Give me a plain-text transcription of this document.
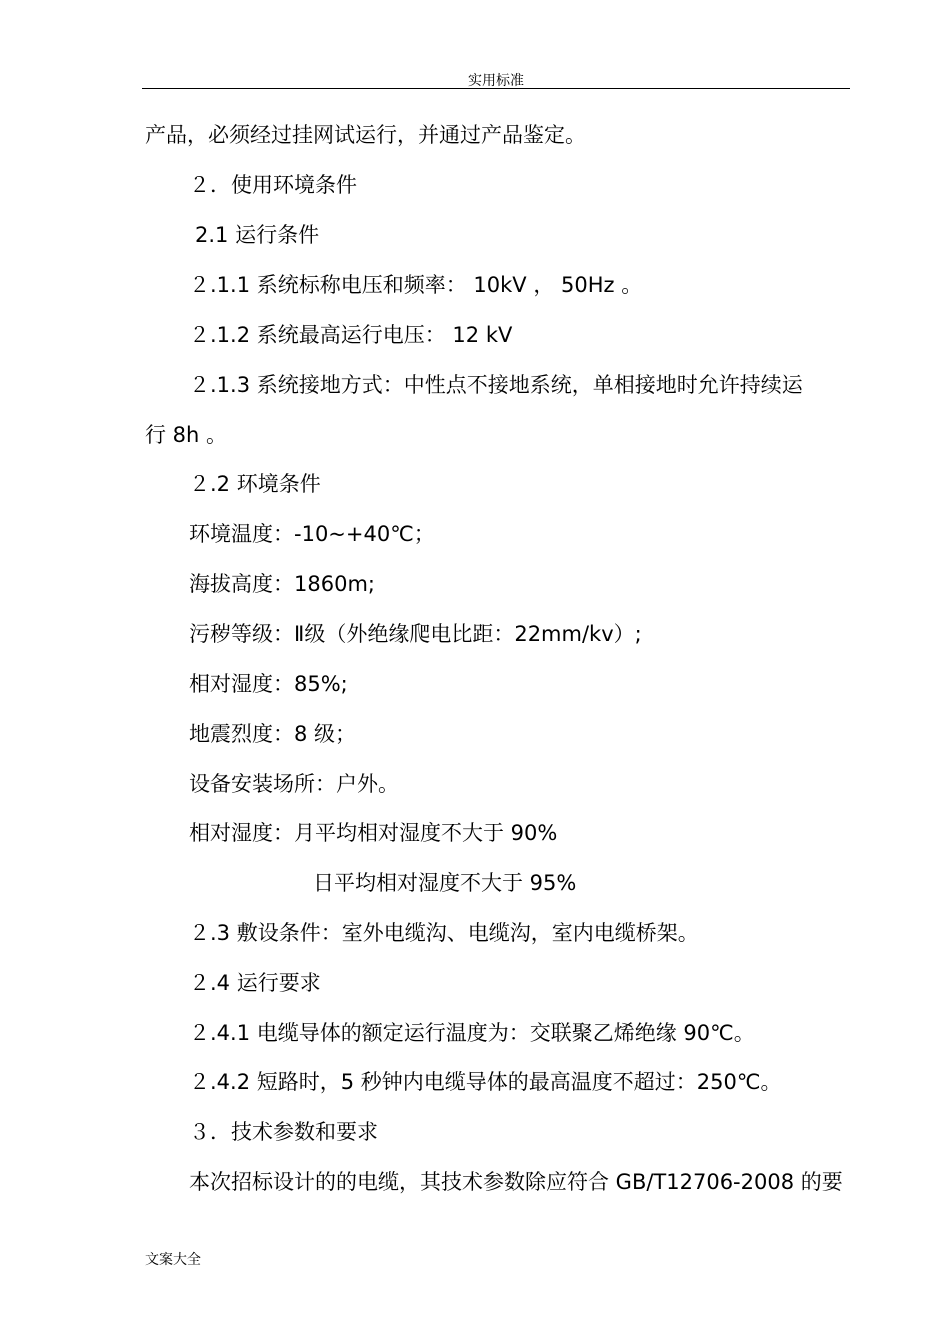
实用标准
产品，必须经过挂网试运行，并通过产品鉴定。
２．使用环境条件
2.1 运行条件
２.1.1 系统标称电压和频率： 10kV ， 50Hz 。
２.1.2 系统最高运行电压： 12 kV
２.1.3 系统接地方式：中性点不接地系统，单相接地时允许持续运
行 8h 。
２.2 环境条件
环境温度：-10~+40℃；
海拔高度：1860m;
污秽等级：Ⅱ级（外绝缘爬电比距：22mm/kv）;
相对湿度：85%;
地震烈度：8 级；
设备安装场所：户外。
相对湿度：月平均相对湿度不大于 90%
日平均相对湿度不大于 95%
２.3 敷设条件：室外电缆沟、电缆沟，室内电缆桥架。
２.4 运行要求
２.4.1 电缆导体的额定运行温度为：交联聚乙烯绝缘 90℃。
２.4.2 短路时，5 秒钟内电缆导体的最高温度不超过：250℃。
３．技术参数和要求
本次招标设计的的电缆，其技术参数除应符合 GB/T12706-2008 的要
文案大全
